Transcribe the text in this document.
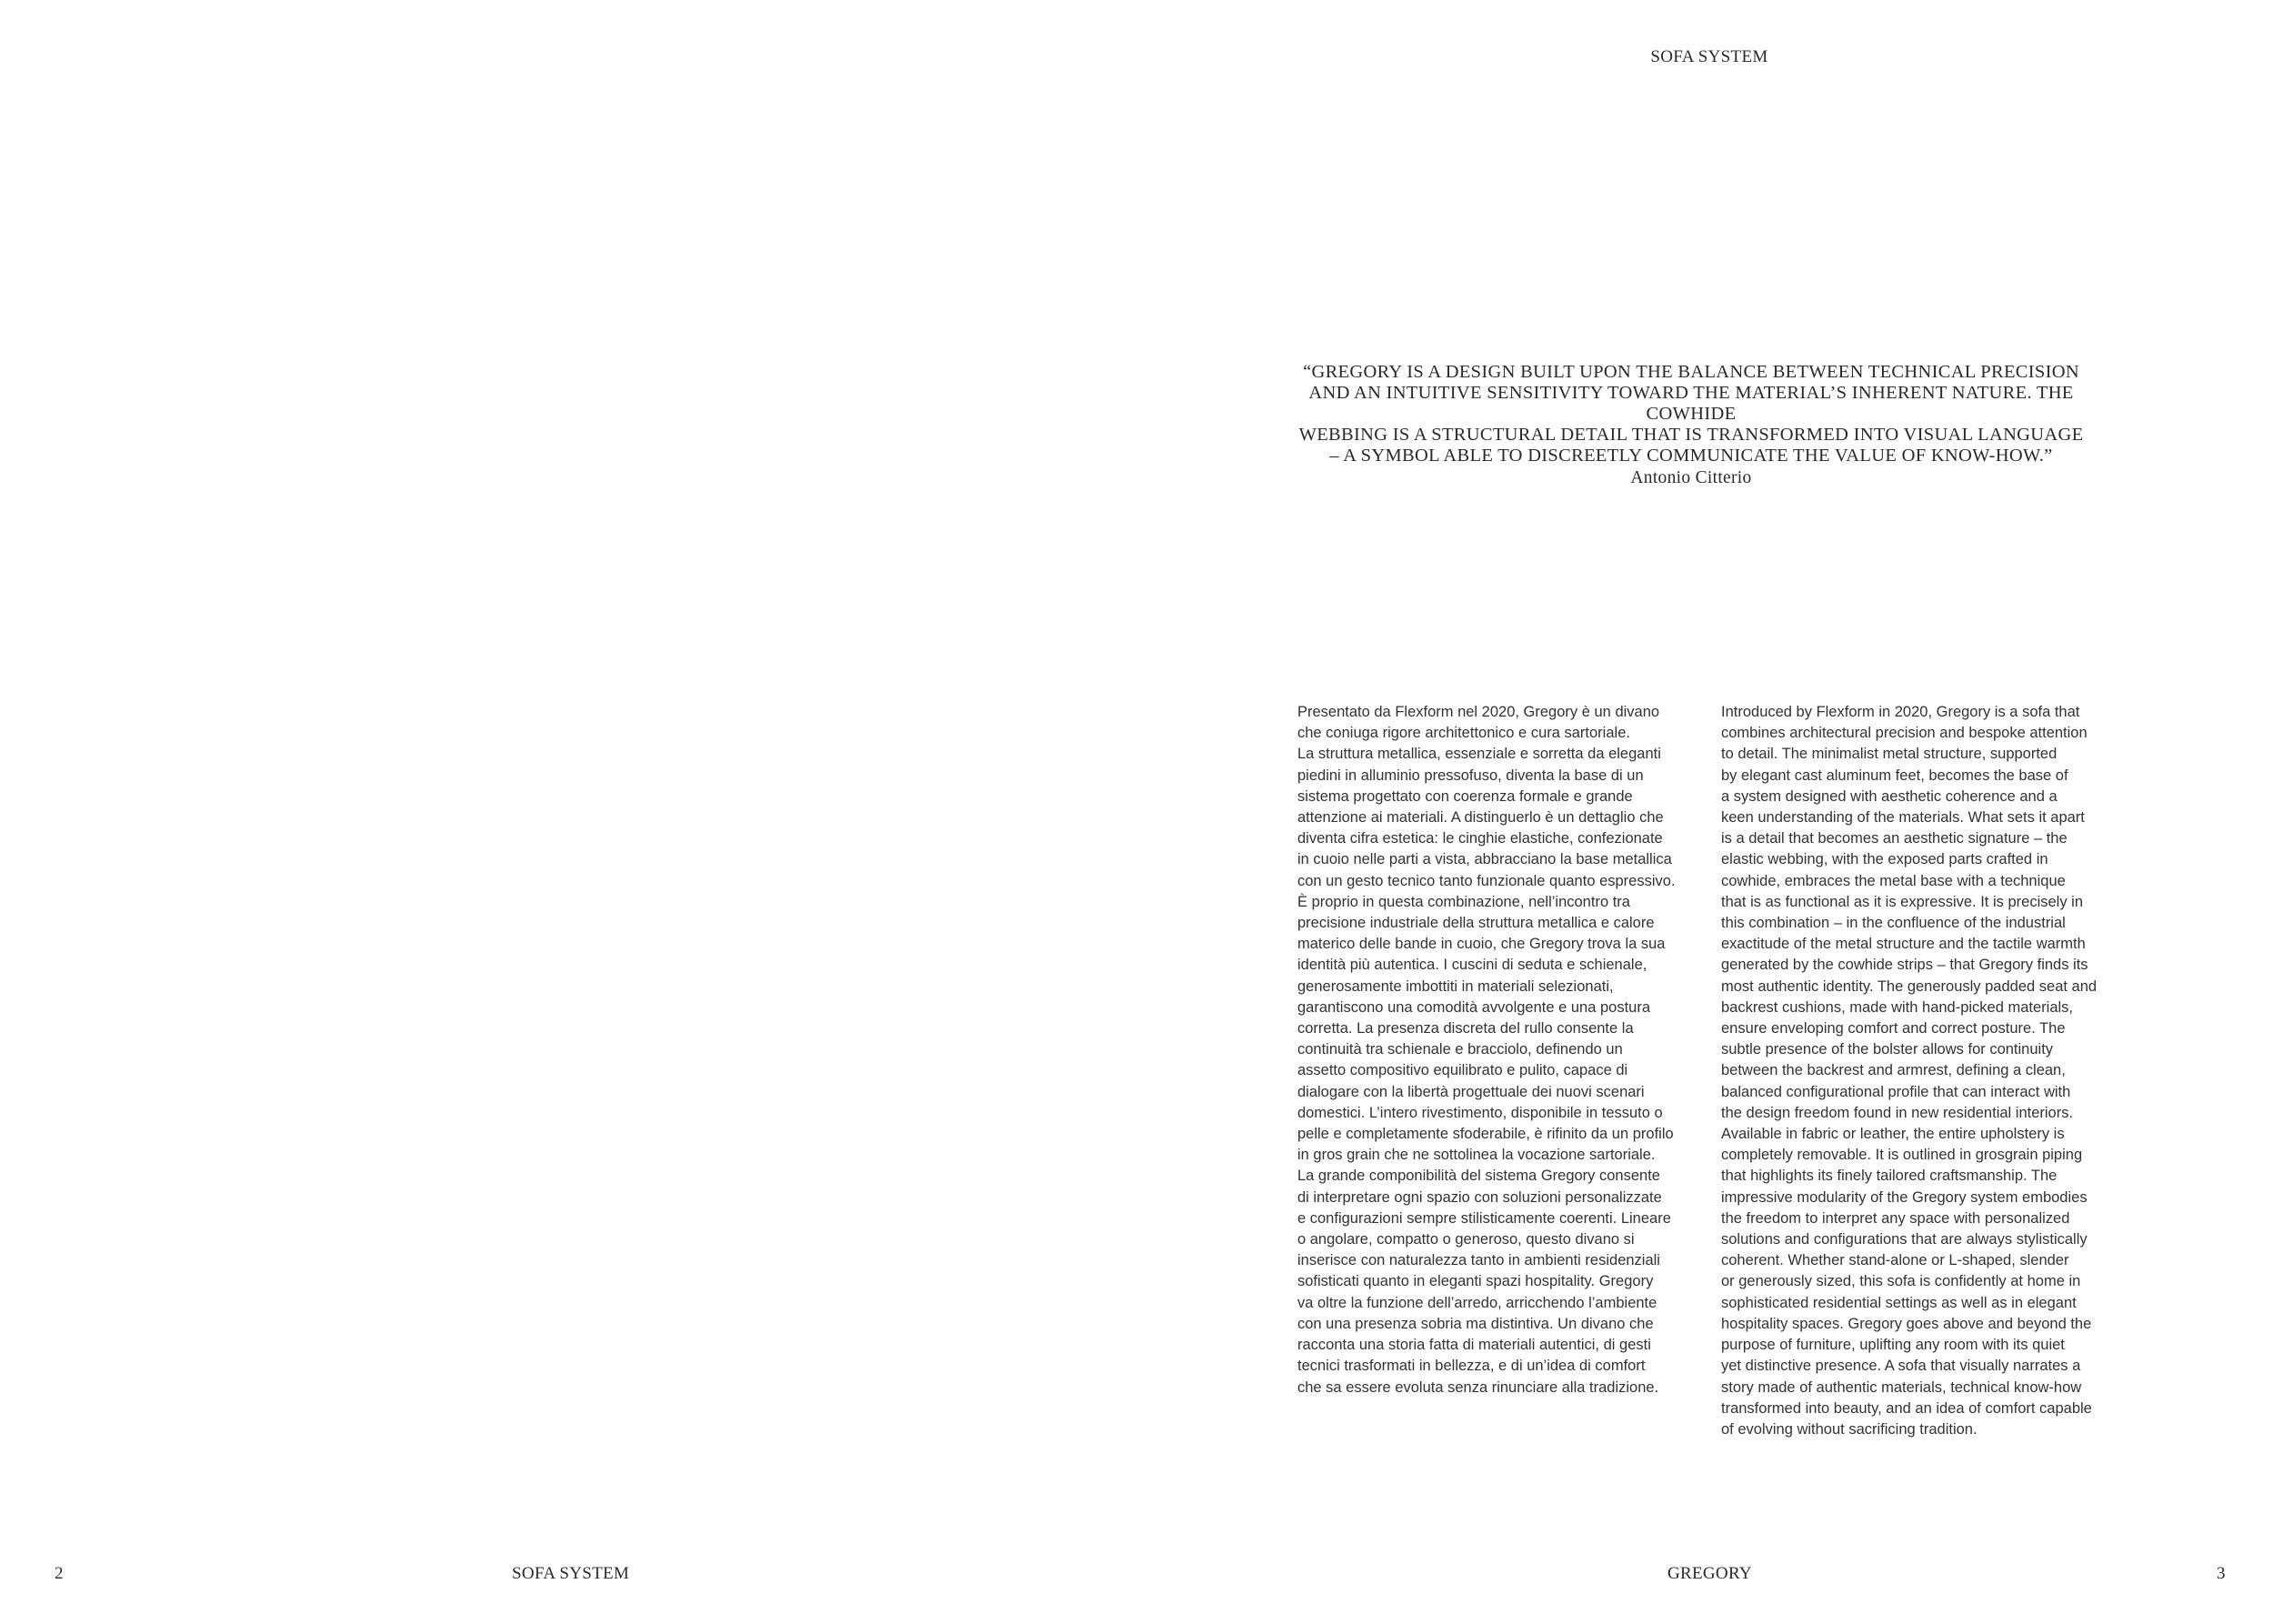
SOFA SYSTEM
“GREGORY IS A DESIGN BUILT UPON THE BALANCE BETWEEN TECHNICAL PRECISION
AND AN INTUITIVE SENSITIVITY TOWARD THE MATERIAL’S INHERENT NATURE. THE COWHIDE
WEBBING IS A STRUCTURAL DETAIL THAT IS TRANSFORMED INTO VISUAL LANGUAGE
– A SYMBOL ABLE TO DISCREETLY COMMUNICATE THE VALUE OF KNOW-HOW.”
Antonio Citterio
Presentato da Flexform nel 2020, Gregory è un divano
che coniuga rigore architettonico e cura sartoriale.
La struttura metallica, essenziale e sorretta da eleganti
piedini in alluminio pressofuso, diventa la base di un
sistema progettato con coerenza formale e grande
attenzione ai materiali. A distinguerlo è un dettaglio che
diventa cifra estetica: le cinghie elastiche, confezionate
in cuoio nelle parti a vista, abbracciano la base metallica
con un gesto tecnico tanto funzionale quanto espressivo.
È proprio in questa combinazione, nell’incontro tra
precisione industriale della struttura metallica e calore
materico delle bande in cuoio, che Gregory trova la sua
identità più autentica. I cuscini di seduta e schienale,
generosamente imbottiti in materiali selezionati,
garantiscono una comodità avvolgente e una postura
corretta. La presenza discreta del rullo consente la
continuità tra schienale e bracciolo, definendo un
assetto compositivo equilibrato e pulito, capace di
dialogare con la libertà progettuale dei nuovi scenari
domestici. L’intero rivestimento, disponibile in tessuto o
pelle e completamente sfoderabile, è rifinito da un profilo
in gros grain che ne sottolinea la vocazione sartoriale.
La grande componibilità del sistema Gregory consente
di interpretare ogni spazio con soluzioni personalizzate
e configurazioni sempre stilisticamente coerenti. Lineare
o angolare, compatto o generoso, questo divano si
inserisce con naturalezza tanto in ambienti residenziali
sofisticati quanto in eleganti spazi hospitality. Gregory
va oltre la funzione dell’arredo, arricchendo l’ambiente
con una presenza sobria ma distintiva. Un divano che
racconta una storia fatta di materiali autentici, di gesti
tecnici trasformati in bellezza, e di un’idea di comfort
che sa essere evoluta senza rinunciare alla tradizione.
Introduced by Flexform in 2020, Gregory is a sofa that
combines architectural precision and bespoke attention
to detail. The minimalist metal structure, supported
by elegant cast aluminum feet, becomes the base of
a system designed with aesthetic coherence and a
keen understanding of the materials. What sets it apart
is a detail that becomes an aesthetic signature – the
elastic webbing, with the exposed parts crafted in
cowhide, embraces the metal base with a technique
that is as functional as it is expressive. It is precisely in
this combination – in the confluence of the industrial
exactitude of the metal structure and the tactile warmth
generated by the cowhide strips – that Gregory finds its
most authentic identity. The generously padded seat and
backrest cushions, made with hand-picked materials,
ensure enveloping comfort and correct posture. The
subtle presence of the bolster allows for continuity
between the backrest and armrest, defining a clean,
balanced configurational profile that can interact with
the design freedom found in new residential interiors.
Available in fabric or leather, the entire upholstery is
completely removable. It is outlined in grosgrain piping
that highlights its finely tailored craftsmanship. The
impressive modularity of the Gregory system embodies
the freedom to interpret any space with personalized
solutions and configurations that are always stylistically
coherent. Whether stand-alone or L-shaped, slender
or generously sized, this sofa is confidently at home in
sophisticated residential settings as well as in elegant
hospitality spaces. Gregory goes above and beyond the
purpose of furniture, uplifting any room with its quiet
yet distinctive presence. A sofa that visually narrates a
story made of authentic materials, technical know-how
transformed into beauty, and an idea of comfort capable
of evolving without sacrificing tradition.
2	SOFA SYSTEM	GREGORY	3
